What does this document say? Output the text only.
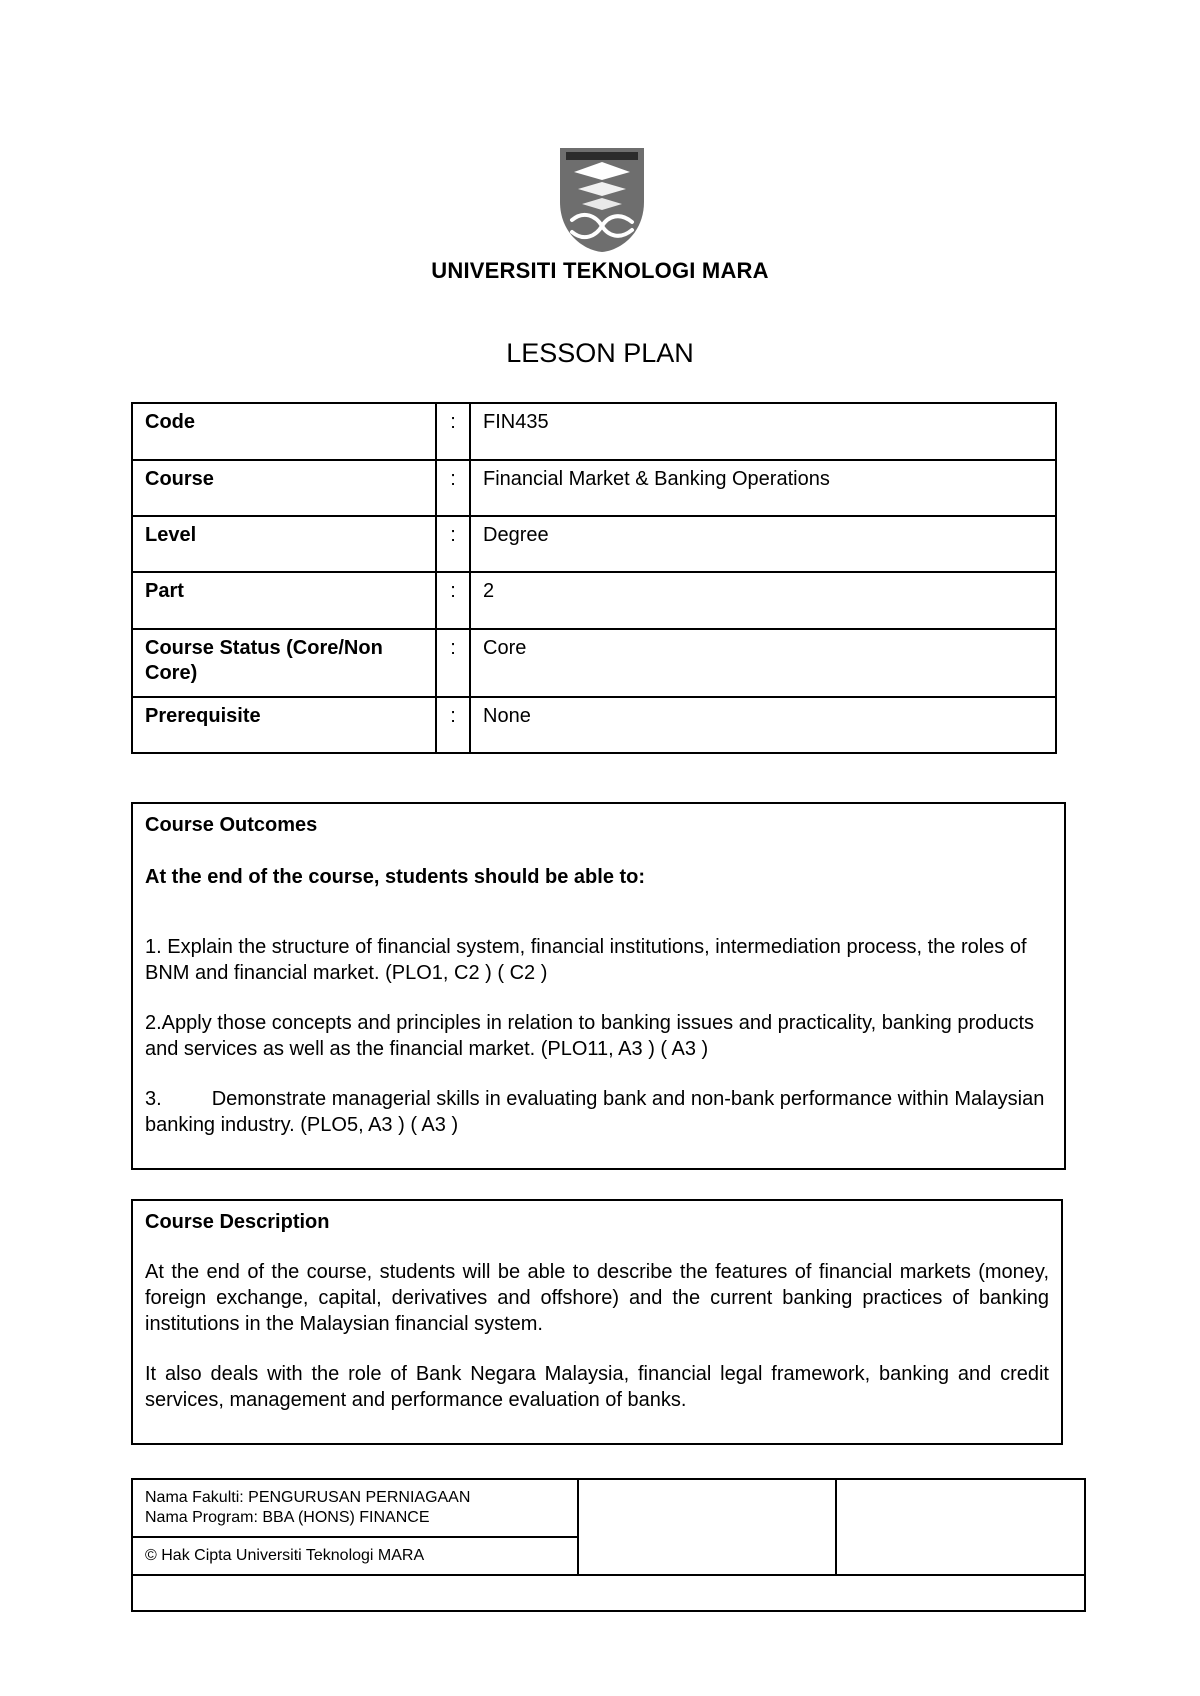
UNIVERSITI TEKNOLOGI MARA
LESSON PLAN
Code	:	FIN435
Course	:	Financial Market & Banking Operations
Level	:	Degree
Part	:	2
Course Status (Core/Non Core)	:	Core
Prerequisite	:	None

Course Outcomes

At the end of the course, students should be able to:

1. Explain the structure of financial system, financial institutions, intermediation process, the roles of BNM and financial market. (PLO1, C2 ) ( C2 )

2.Apply those concepts and principles in relation to banking issues and practicality, banking products and services as well as the financial market. (PLO11, A3 ) ( A3 )

3.         Demonstrate managerial skills in evaluating bank and non-bank performance within Malaysian banking industry. (PLO5, A3 ) ( A3 )

Course Description

At the end of the course, students will be able to describe the features of financial markets (money, foreign exchange, capital, derivatives and offshore) and the current banking practices of banking institutions in the Malaysian financial system.

It also deals with the role of Bank Negara Malaysia, financial legal framework, banking and credit services, management and performance evaluation of banks.

Nama Fakulti: PENGURUSAN PERNIAGAAN
Nama Program: BBA (HONS) FINANCE

© Hak Cipta Universiti Teknologi MARA
